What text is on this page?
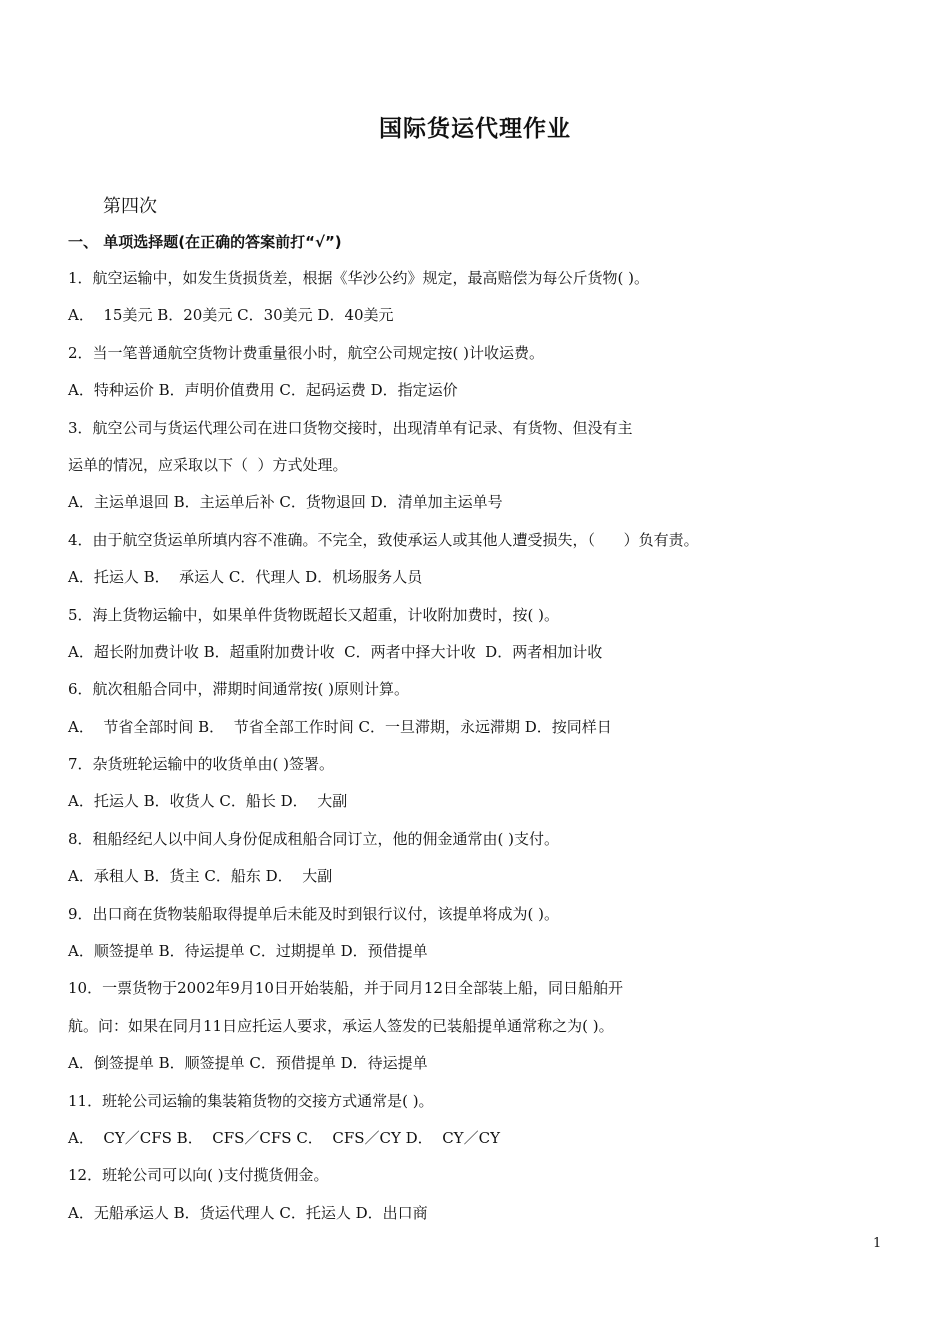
国际货运代理作业
第四次
一、 单项选择题(在正确的答案前打“√”)
1．航空运输中，如发生货损货差，根据《华沙公约》规定，最高赔偿为每公斤货物( )。
A．  15美元 B．20美元 C．30美元 D．40美元
2．当一笔普通航空货物计费重量很小时，航空公司规定按( )计收运费。
A．特种运价 B．声明价值费用 C．起码运费 D．指定运价
3．航空公司与货运代理公司在进口货物交接时，出现清单有记录、有货物、但没有主
运单的情况，应采取以下（  ）方式处理。
A．主运单退回 B．主运单后补 C．货物退回 D．清单加主运单号
4．由于航空货运单所填内容不准确。不完全，致使承运人或其他人遭受损失，（      ）负有责。
A．托运人 B．  承运人 C．代理人 D．机场服务人员
5．海上货物运输中，如果单件货物既超长又超重，计收附加费时，按( )。
A．超长附加费计收 B．超重附加费计收  C．两者中择大计收  D．两者相加计收
6．航次租船合同中，滞期时间通常按( )原则计算。
A．  节省全部时间 B．  节省全部工作时间 C．一旦滞期，永远滞期 D．按同样日
7．杂货班轮运输中的收货单由( )签署。
A．托运人 B．收货人 C．船长 D．  大副
8．租船经纪人以中间人身份促成租船合同订立，他的佣金通常由( )支付。
A．承租人 B．货主 C．船东 D．  大副
9．出口商在货物装船取得提单后未能及时到银行议付，该提单将成为( )。
A．顺签提单 B．待运提单 C．过期提单 D．预借提单
10．一票货物于2002年9月10日开始装船，并于同月12日全部装上船，同日船舶开
航。问：如果在同月11日应托运人要求，承运人签发的已装船提单通常称之为( )。
A．倒签提单 B．顺签提单 C．预借提单 D．待运提单
11．班轮公司运输的集装箱货物的交接方式通常是( )。
A．  CY／CFS B．  CFS／CFS C．  CFS／CY D．  CY／CY
12．班轮公司可以向( )支付揽货佣金。
A．无船承运人 B．货运代理人 C．托运人 D．出口商
1
